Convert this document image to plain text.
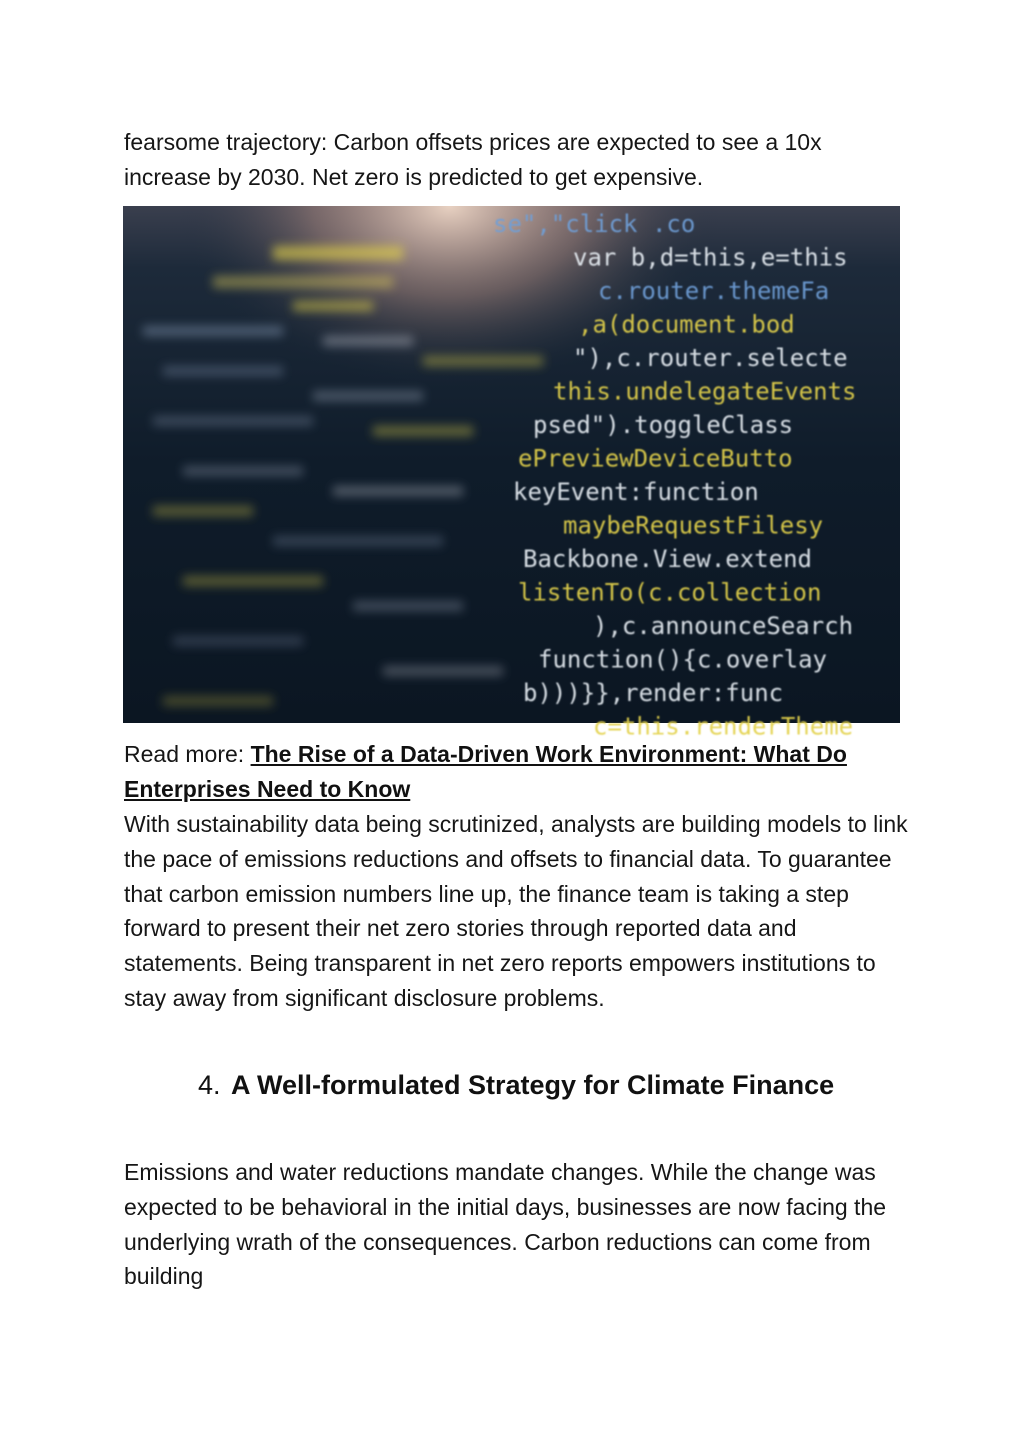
fearsome trajectory: Carbon offsets prices are expected to see a 10x increase by 2030. Net zero is predicted to get expensive.

se","click .co
var b,d=this,e=this
c.router.themeFa
,a(document.bod
"),c.router.selecte
this.undelegateEvents
psed").toggleClass
ePreviewDeviceButto
keyEvent:function
maybeRequestFilesy
Backbone.View.extend
listenTo(c.collection
),c.announceSearch
function(){c.overlay
b)))}},render:func
c=this.renderTheme

Read more: The Rise of a Data-Driven Work Environment: What Do Enterprises Need to Know

With sustainability data being scrutinized, analysts are building models to link the pace of emissions reductions and offsets to financial data. To guarantee that carbon emission numbers line up, the finance team is taking a step forward to present their net zero stories through reported data and statements. Being transparent in net zero reports empowers institutions to stay away from significant disclosure problems.

4. A Well-formulated Strategy for Climate Finance

Emissions and water reductions mandate changes. While the change was expected to be behavioral in the initial days, businesses are now facing the underlying wrath of the consequences. Carbon reductions can come from building
